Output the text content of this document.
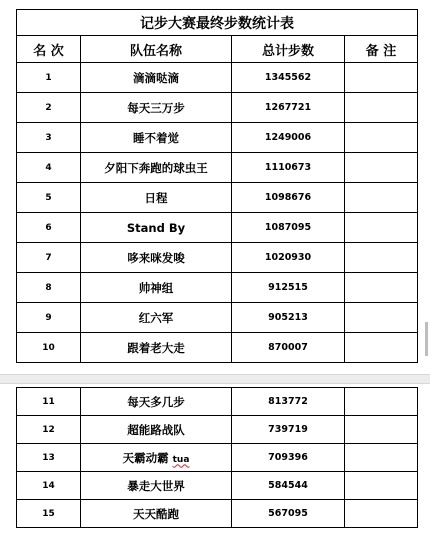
记步大赛最终步数统计表			
名 次	队伍名称	总计步数	备 注
1	滴滴哒滴	1345562	
2	每天三万步	1267721	
3	睡不着觉	1249006	
4	夕阳下奔跑的球虫王	1110673	
5	日程	1098676	
6	Stand By	1087095	
7	哆来咪发唆	1020930	
8	帅神组	912515	
9	红六军	905213	
10	跟着老大走	870007	
11	每天多几步	813772	
12	超能路战队	739719	
13	天霸动霸 tua	709396	
14	暴走大世界	584544	
15	天天酷跑	567095	
